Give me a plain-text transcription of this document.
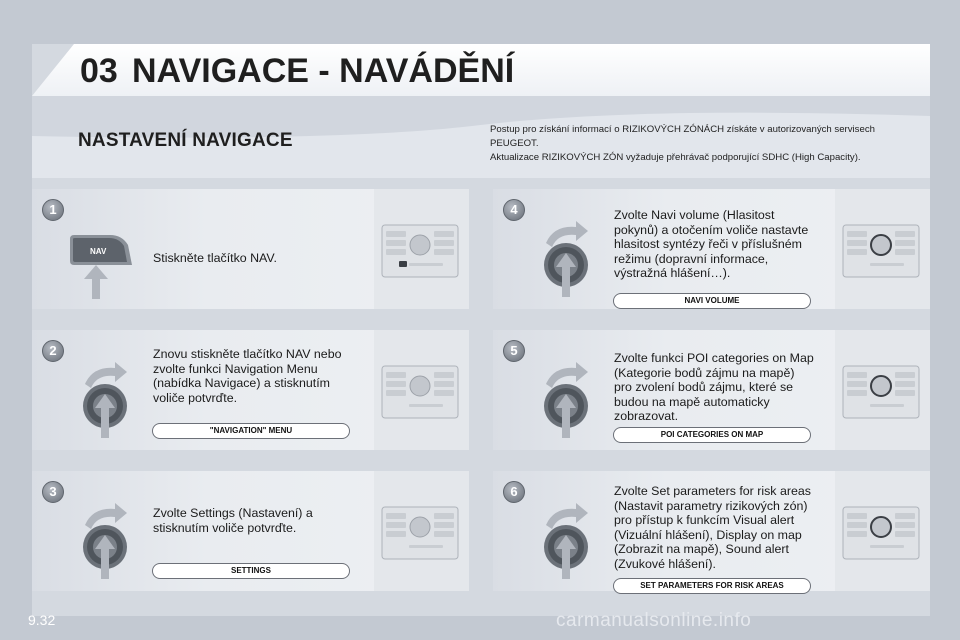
03 NAVIGACE - NAVÁDĚNÍ
NASTAVENÍ NAVIGACE

Postup pro získání informací o RIZIKOVÝCH ZÓNÁCH získáte v autorizovaných servisech PEUGEOT.

Aktualizace RIZIKOVÝCH ZÓN vyžaduje přehrávač podporující SDHC (High Capacity).

1
NAV	Stiskněte tlačítko NAV.
2	Znovu stiskněte tlačítko NAV nebo zvolte funkci Navigation Menu (nabídka Navigace) a stisknutím voliče potvrďte.
"NAVIGATION" MENU
3
Zvolte Settings (Nastavení) a stisknutím voliče potvrďte.
SETTINGS
4	Zvolte Navi volume (Hlasitost pokynů) a otočením voliče nastavte hlasitost syntézy řeči v příslušném režimu (dopravní informace, výstražná hlášení…).
NAVI VOLUME
5	Zvolte funkci POI categories on Map (Kategorie bodů zájmu na mapě) pro zvolení bodů zájmu, které se budou na mapě automaticky zobrazovat.
POI CATEGORIES ON MAP
6	Zvolte Set parameters for risk areas (Nastavit parametry rizikových zón) pro přístup k funkcím Visual alert (Vizuální hlášení), Display on map (Zobrazit na mapě), Sound alert (Zvukové hlášení).
SET PARAMETERS FOR RISK AREAS
9.32	carmanualsonline.info
